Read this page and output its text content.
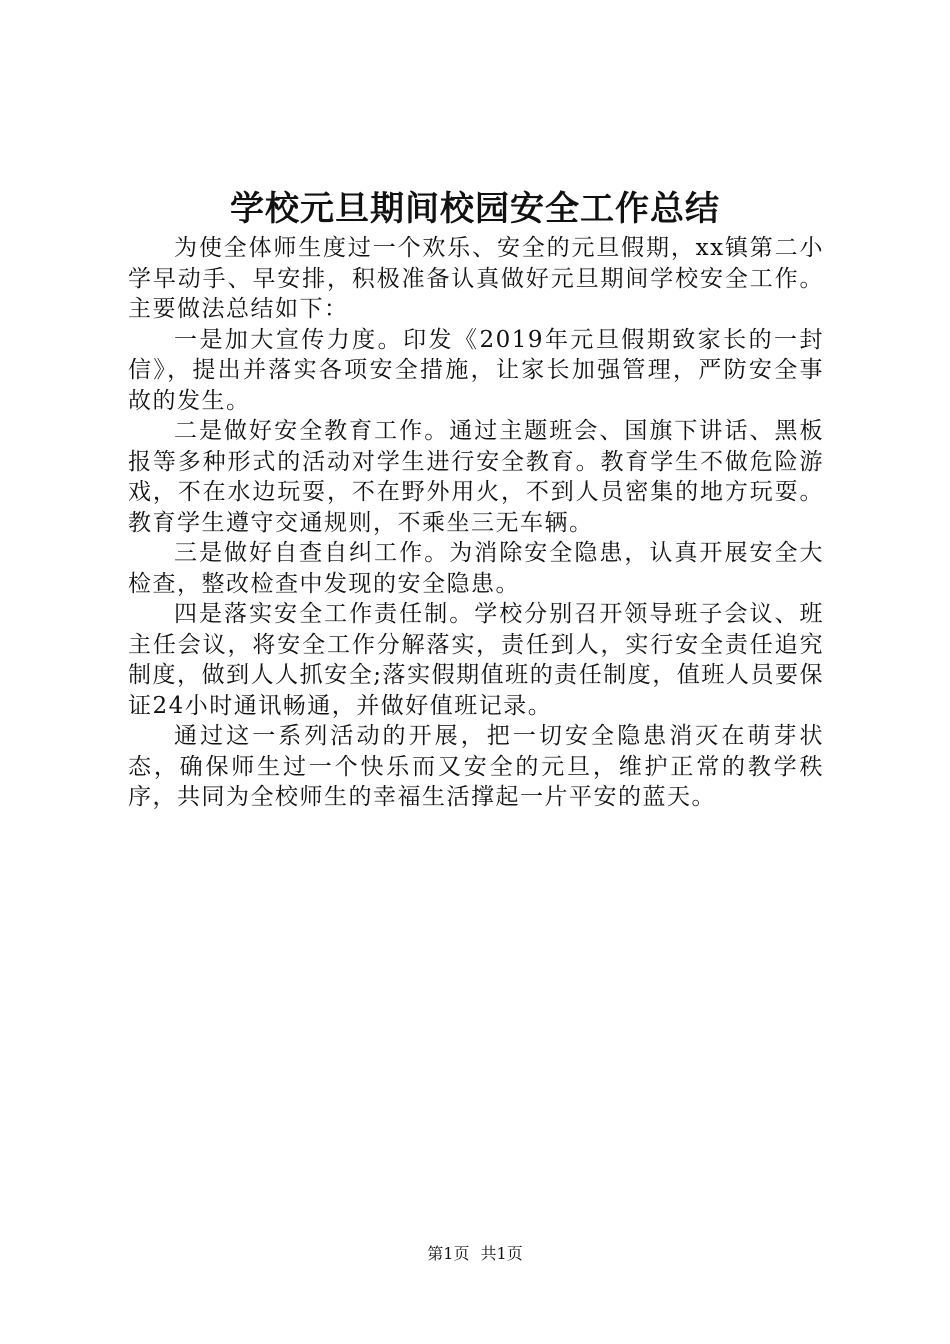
学校元旦期间校园安全工作总结

为使全体师生度过一个欢乐、安全的元旦假期，xx镇第二小学早动手、早安排，积极准备认真做好元旦期间学校安全工作。主要做法总结如下：

一是加大宣传力度。印发《2019年元旦假期致家长的一封信》，提出并落实各项安全措施，让家长加强管理，严防安全事故的发生。

二是做好安全教育工作。通过主题班会、国旗下讲话、黑板报等多种形式的活动对学生进行安全教育。教育学生不做危险游戏，不在水边玩耍，不在野外用火，不到人员密集的地方玩耍。教育学生遵守交通规则，不乘坐三无车辆。

三是做好自查自纠工作。为消除安全隐患，认真开展安全大检查，整改检查中发现的安全隐患。

四是落实安全工作责任制。学校分别召开领导班子会议、班主任会议，将安全工作分解落实，责任到人，实行安全责任追究制度，做到人人抓安全;落实假期值班的责任制度，值班人员要保证24小时通讯畅通，并做好值班记录。

通过这一系列活动的开展，把一切安全隐患消灭在萌芽状态，确保师生过一个快乐而又安全的元旦，维护正常的教学秩序，共同为全校师生的幸福生活撑起一片平安的蓝天。

第1页 共1页
